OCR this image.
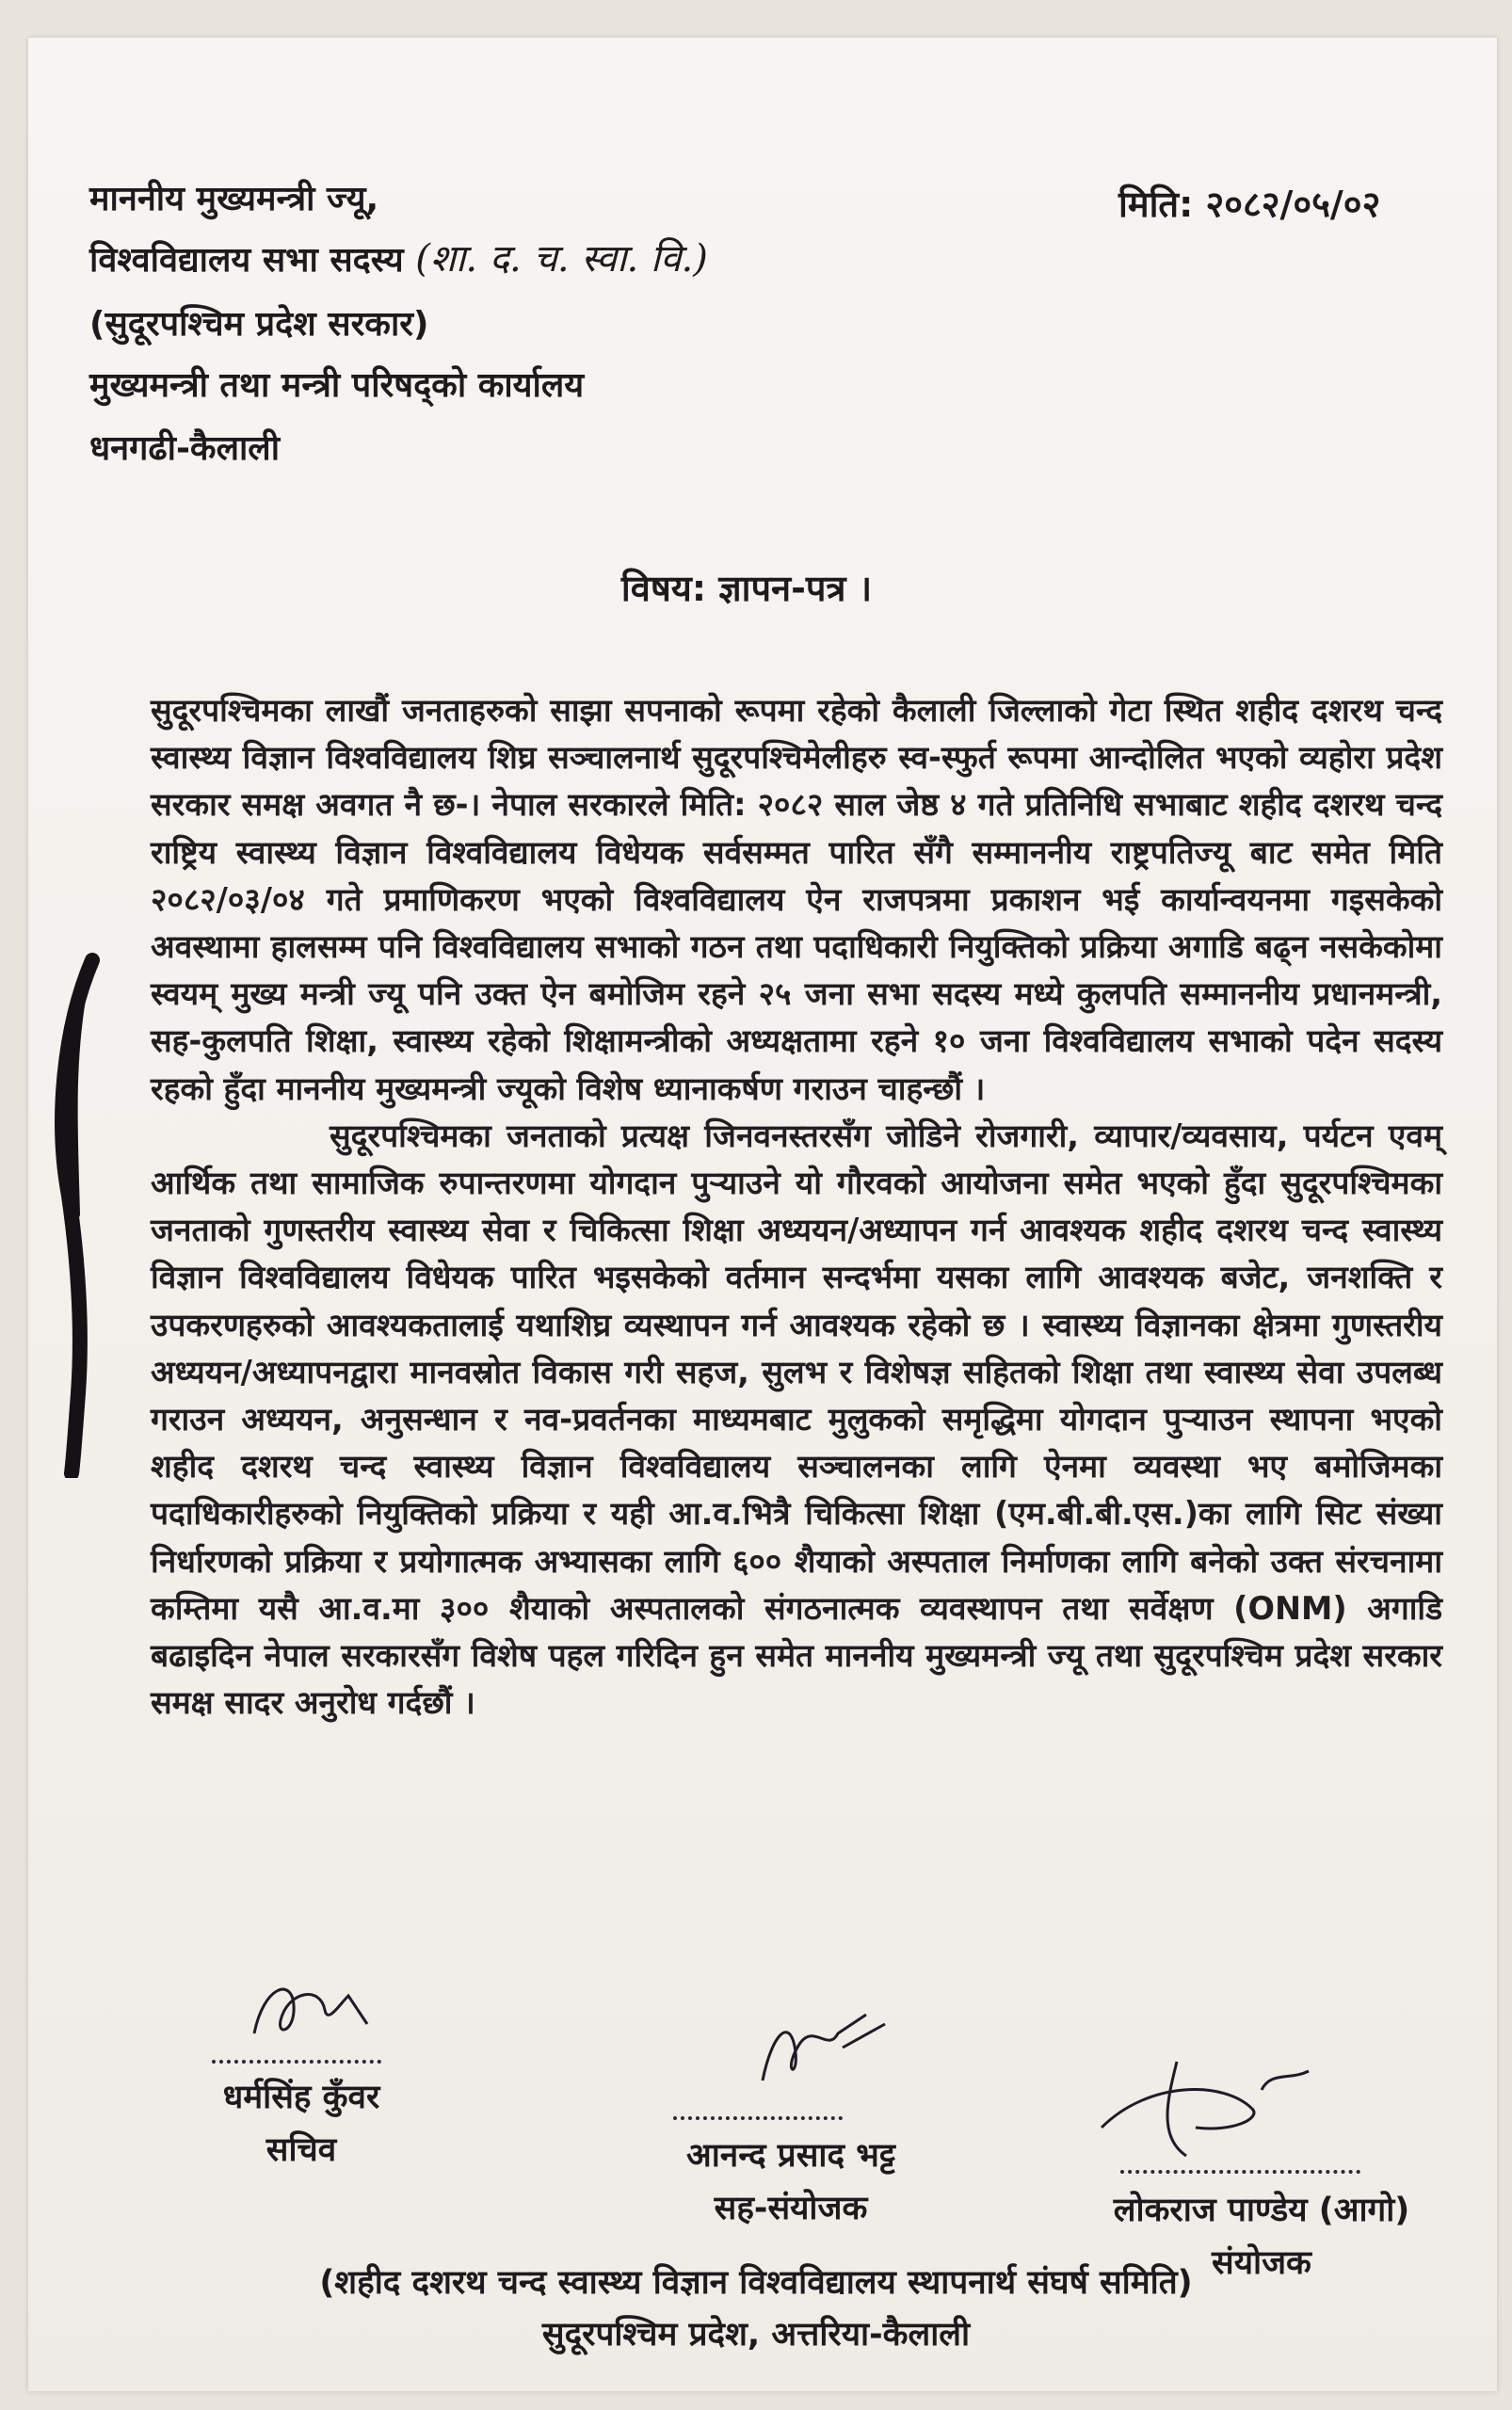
माननीय मुख्यमन्त्री ज्यू,
विश्वविद्यालय सभा सदस्य (शा. द. च. स्वा. वि.)
(सुदूरपश्चिम प्रदेश सरकार)
मुख्यमन्त्री तथा मन्त्री परिषद्को कार्यालय
धनगढी-कैलाली
मिति: २०८२/०५/०२
विषय: ज्ञापन-पत्र ।

सुदूरपश्चिमका लाखौं जनताहरुको साझा सपनाको रूपमा रहेको कैलाली जिल्लाको गेटा स्थित शहीद दशरथ चन्द स्वास्थ्य विज्ञान विश्वविद्यालय शिघ्र सञ्चालनार्थ सुदूरपश्चिमेलीहरु स्व-स्फुर्त रूपमा आन्दोलित भएको व्यहोरा प्रदेश सरकार समक्ष अवगत नै छ-। नेपाल सरकारले मिति: २०८२ साल जेष्ठ ४ गते प्रतिनिधि सभाबाट शहीद दशरथ चन्द राष्ट्रिय स्वास्थ्य विज्ञान विश्वविद्यालय विधेयक सर्वसम्मत पारित सँगै सम्माननीय राष्ट्रपतिज्यू बाट समेत मिति २०८२/०३/०४ गते प्रमाणिकरण भएको विश्वविद्यालय ऐन राजपत्रमा प्रकाशन भई कार्यान्वयनमा गइसकेको अवस्थामा हालसम्म पनि विश्वविद्यालय सभाको गठन तथा पदाधिकारी नियुक्तिको प्रक्रिया अगाडि बढ्न नसकेकोमा स्वयम् मुख्य मन्त्री ज्यू पनि उक्त ऐन बमोजिम रहने २५ जना सभा सदस्य मध्ये कुलपति सम्माननीय प्रधानमन्त्री, सह-कुलपति शिक्षा, स्वास्थ्य रहेको शिक्षामन्त्रीको अध्यक्षतामा रहने १० जना विश्वविद्यालय सभाको पदेन सदस्य रहको हुँदा माननीय मुख्यमन्त्री ज्यूको विशेष ध्यानाकर्षण गराउन चाहन्छौं ।

सुदूरपश्चिमका जनताको प्रत्यक्ष जिनवनस्तरसँग जोडिने रोजगारी, व्यापार/व्यवसाय, पर्यटन एवम् आर्थिक तथा सामाजिक रुपान्तरणमा योगदान पुऱ्याउने यो गौरवको आयोजना समेत भएको हुँदा सुदूरपश्चिमका जनताको गुणस्तरीय स्वास्थ्य सेवा र चिकित्सा शिक्षा अध्ययन/अध्यापन गर्न आवश्यक शहीद दशरथ चन्द स्वास्थ्य विज्ञान विश्वविद्यालय विधेयक पारित भइसकेको वर्तमान सन्दर्भमा यसका लागि आवश्यक बजेट, जनशक्ति र उपकरणहरुको आवश्यकतालाई यथाशिघ्र व्यस्थापन गर्न आवश्यक रहेको छ । स्वास्थ्य विज्ञानका क्षेत्रमा गुणस्तरीय अध्ययन/अध्यापनद्वारा मानवस्रोत विकास गरी सहज, सुलभ र विशेषज्ञ सहितको शिक्षा तथा स्वास्थ्य सेवा उपलब्ध गराउन अध्ययन, अनुसन्धान र नव-प्रवर्तनका माध्यमबाट मुलुकको समृद्धिमा योगदान पुऱ्याउन स्थापना भएको शहीद दशरथ चन्द स्वास्थ्य विज्ञान विश्वविद्यालय सञ्चालनका लागि ऐनमा व्यवस्था भए बमोजिमका पदाधिकारीहरुको नियुक्तिको प्रक्रिया र यही आ.व.भित्रै चिकित्सा शिक्षा (एम.बी.बी.एस.)का लागि सिट संख्या निर्धारणको प्रक्रिया र प्रयोगात्मक अभ्यासका लागि ६०० शैयाको अस्पताल निर्माणका लागि बनेको उक्त संरचनामा कम्तिमा यसै आ.व.मा ३०० शैयाको अस्पतालको संगठनात्मक व्यवस्थापन तथा सर्वेक्षण (ONM) अगाडि बढाइदिन नेपाल सरकारसँग विशेष पहल गरिदिन हुन समेत माननीय मुख्यमन्त्री ज्यू तथा सुदूरपश्चिम प्रदेश सरकार समक्ष सादर अनुरोध गर्दछौं ।

धर्मसिंह कुँवर
सचिव	आनन्द प्रसाद भट्ट
सह-संयोजक	लोकराज पाण्डेय (आगो)
संयोजक
(शहीद दशरथ चन्द स्वास्थ्य विज्ञान विश्वविद्यालय स्थापनार्थ संघर्ष समिति)
सुदूरपश्चिम प्रदेश, अत्तरिया-कैलाली
